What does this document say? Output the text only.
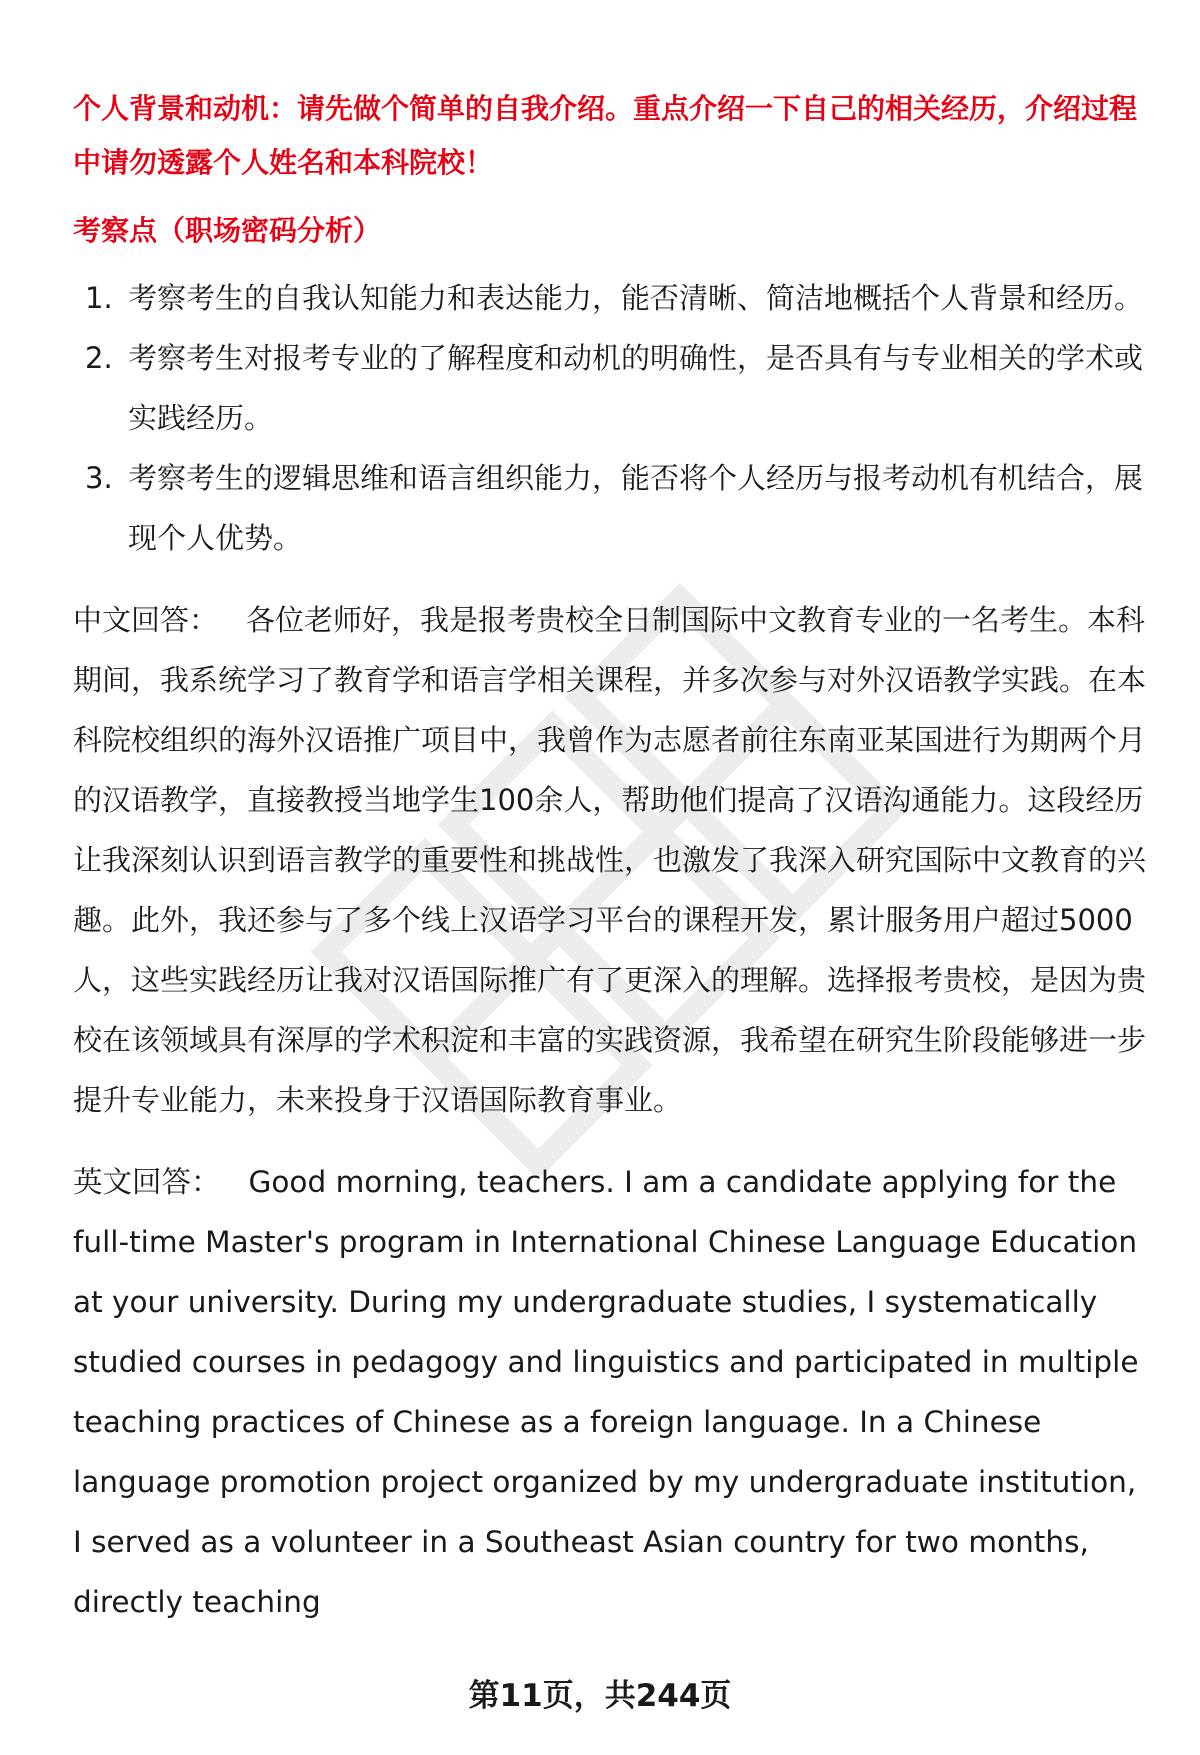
个人背景和动机：请先做个简单的自我介绍。重点介绍一下自己的相关经历，介绍过程中请勿透露个人姓名和本科院校！

考察点（职场密码分析）

1. 考察考生的自我认知能力和表达能力，能否清晰、简洁地概括个人背景和经历。
2. 考察考生对报考专业的了解程度和动机的明确性，是否具有与专业相关的学术或实践经历。
3. 考察考生的逻辑思维和语言组织能力，能否将个人经历与报考动机有机结合，展现个人优势。

中文回答： 各位老师好，我是报考贵校全日制国际中文教育专业的一名考生。本科期间，我系统学习了教育学和语言学相关课程，并多次参与对外汉语教学实践。在本科院校组织的海外汉语推广项目中，我曾作为志愿者前往东南亚某国进行为期两个月的汉语教学，直接教授当地学生100余人，帮助他们提高了汉语沟通能力。这段经历让我深刻认识到语言教学的重要性和挑战性，也激发了我深入研究国际中文教育的兴趣。此外，我还参与了多个线上汉语学习平台的课程开发，累计服务用户超过5000人，这些实践经历让我对汉语国际推广有了更深入的理解。选择报考贵校，是因为贵校在该领域具有深厚的学术积淀和丰富的实践资源，我希望在研究生阶段能够进一步提升专业能力，未来投身于汉语国际教育事业。

英文回答： Good morning, teachers. I am a candidate applying for the full-time Master's program in International Chinese Language Education at your university. During my undergraduate studies, I systematically studied courses in pedagogy and linguistics and participated in multiple teaching practices of Chinese as a foreign language. In a Chinese language promotion project organized by my undergraduate institution, I served as a volunteer in a Southeast Asian country for two months, directly teaching

第11页，共244页
